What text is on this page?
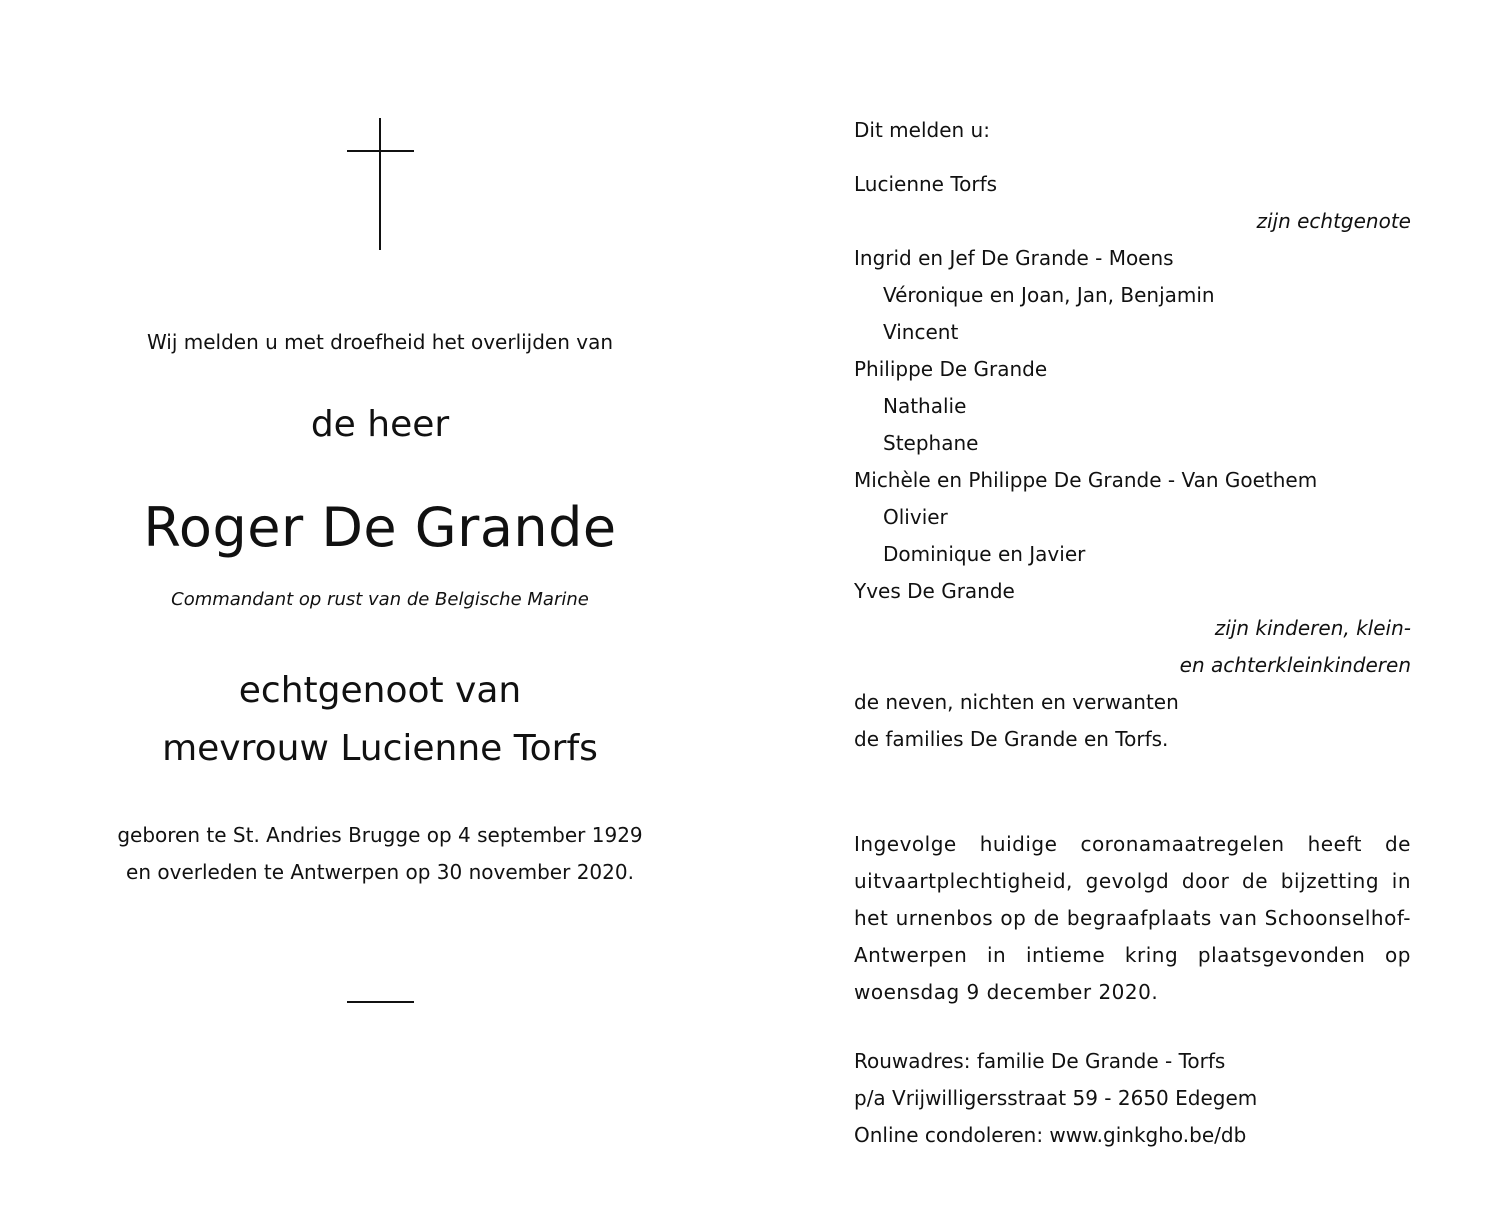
Wij melden u met droefheid het overlijden van
de heer
Roger De Grande
Commandant op rust van de Belgische Marine
echtgenoot van
mevrouw Lucienne Torfs
geboren te St. Andries Brugge op 4 september 1929
en overleden te Antwerpen op 30 november 2020.
Dit melden u:
Lucienne Torfs
zijn echtgenote
Ingrid en Jef De Grande - Moens
Véronique en Joan, Jan, Benjamin
Vincent
Philippe De Grande
Nathalie
Stephane
Michèle en Philippe De Grande - Van Goethem
Olivier
Dominique en Javier
Yves De Grande
zijn kinderen, klein-
en achterkleinkinderen
de neven, nichten en verwanten
de families De Grande en Torfs.
Ingevolge huidige coronamaatregelen heeft de uitvaartplechtigheid, gevolgd door de bijzetting in het urnenbos op de begraafplaats van Schoonselhof-Antwerpen in intieme kring plaatsgevonden op woensdag 9 december 2020.
Rouwadres: familie De Grande - Torfs
p/a Vrijwilligersstraat 59 - 2650 Edegem
Online condoleren: www.ginkgho.be/db
